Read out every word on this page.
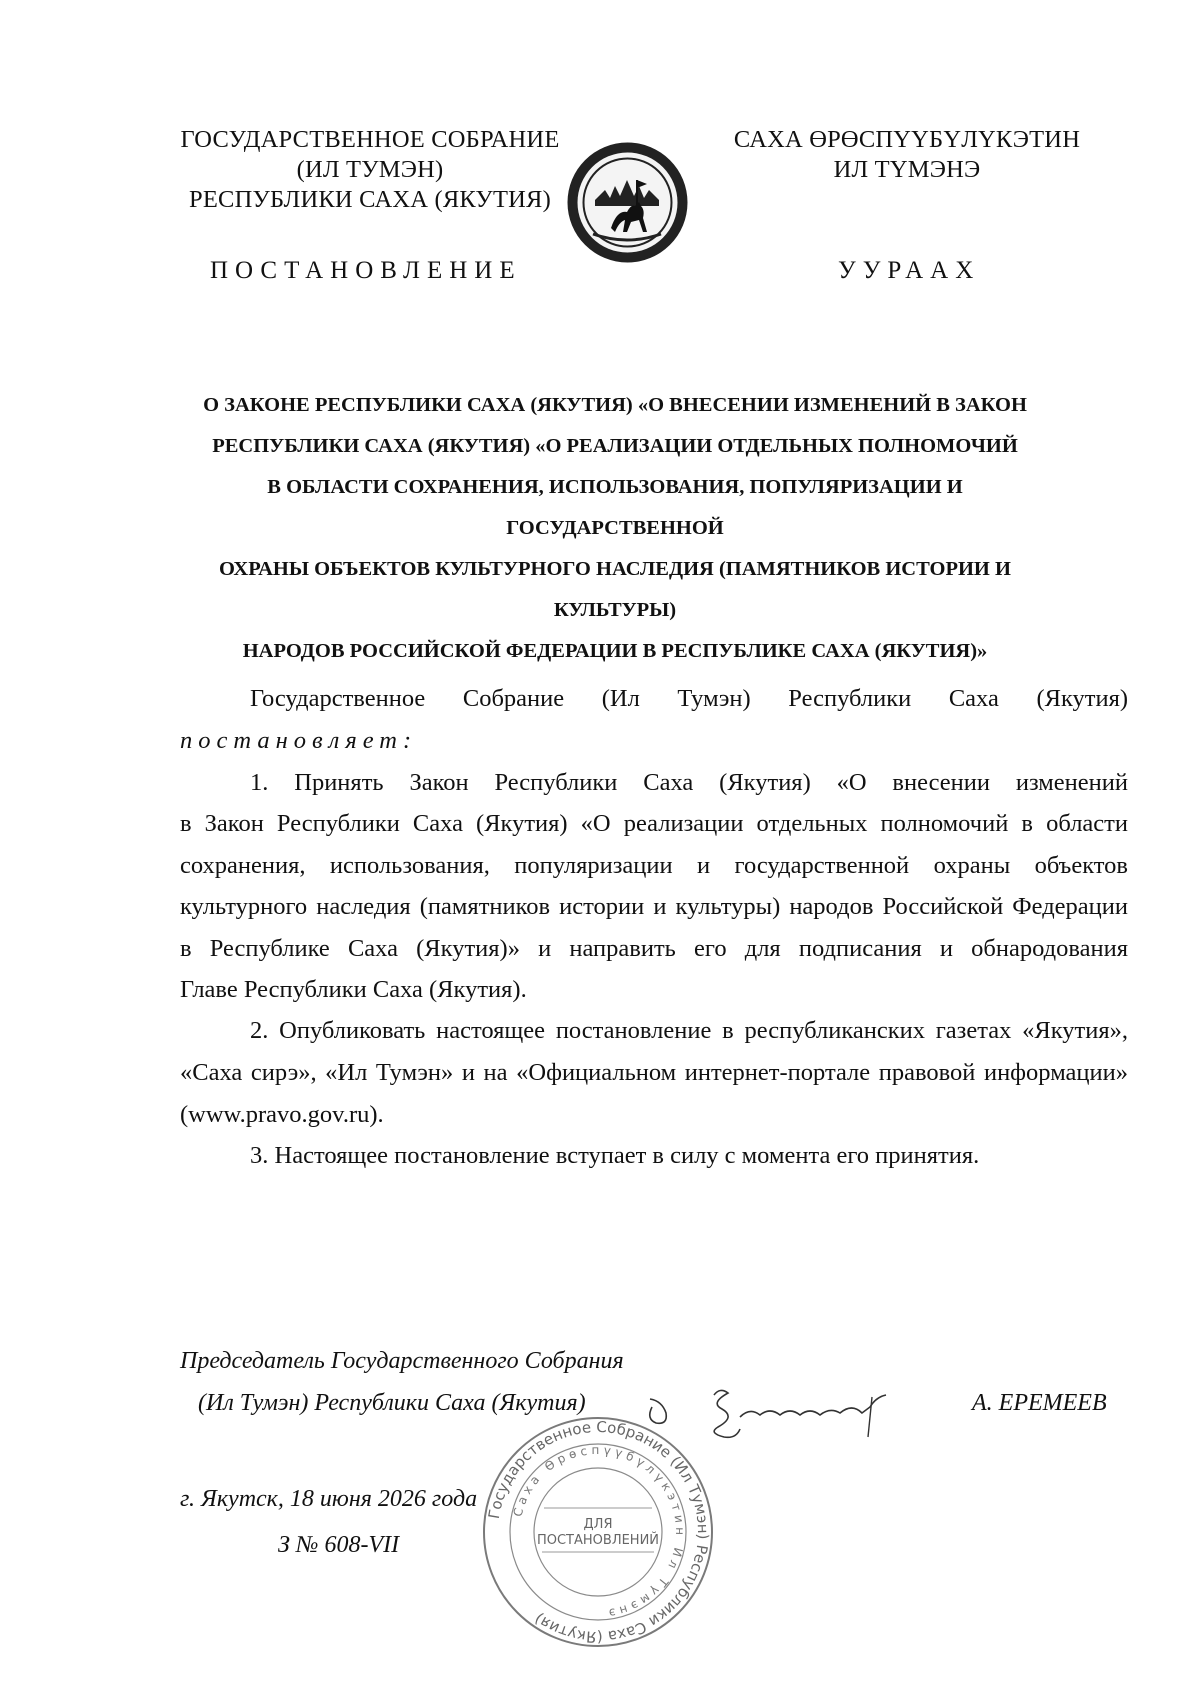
ГОСУДАРСТВЕННОЕ СОБРАНИЕ
(ИЛ ТУМЭН)
РЕСПУБЛИКИ САХА (ЯКУТИЯ)
САХА ӨРӨСПҮҮБҮЛҮКЭТИН
ИЛ ТҮМЭНЭ
ПОСТАНОВЛЕНИЕ	УУРААХ
О ЗАКОНЕ РЕСПУБЛИКИ САХА (ЯКУТИЯ) «О ВНЕСЕНИИ ИЗМЕНЕНИЙ В ЗАКОН
РЕСПУБЛИКИ САХА (ЯКУТИЯ) «О РЕАЛИЗАЦИИ ОТДЕЛЬНЫХ ПОЛНОМОЧИЙ
В ОБЛАСТИ СОХРАНЕНИЯ, ИСПОЛЬЗОВАНИЯ, ПОПУЛЯРИЗАЦИИ И ГОСУДАРСТВЕННОЙ
ОХРАНЫ ОБЪЕКТОВ КУЛЬТУРНОГО НАСЛЕДИЯ (ПАМЯТНИКОВ ИСТОРИИ И КУЛЬТУРЫ)
НАРОДОВ РОССИЙСКОЙ ФЕДЕРАЦИИ В РЕСПУБЛИКЕ САХА (ЯКУТИЯ)»
Государственное Собрание (Ил Тумэн) Республики Саха (Якутия)
постановляет:
1. Принять Закон Республики Саха (Якутия) «О внесении изменений
в Закон Республики Саха (Якутия) «О реализации отдельных полномочий в области
сохранения, использования, популяризации и государственной охраны объектов
культурного наследия (памятников истории и культуры) народов Российской Федерации
в Республике Саха (Якутия)» и направить его для подписания и обнародования
Главе Республики Саха (Якутия).
2. Опубликовать настоящее постановление в республиканских газетах «Якутия»,
«Саха сирэ», «Ил Тумэн» и на «Официальном интернет-портале правовой информации»
(www.pravo.gov.ru).
3. Настоящее постановление вступает в силу с момента его принятия.
Председатель Государственного Собрания
(Ил Тумэн) Республики Саха (Якутия)	А. ЕРЕМЕЕВ
г. Якутск, 18 июня 2026 года
З № 608-VII
Государственное Собрание (Ил Тумэн) Республики Саха (Якутия)
Саха Өрөспүүбүлүкэтин Ил Түмэнэ
ДЛЯ
ПОСТАНОВЛЕНИЙ
